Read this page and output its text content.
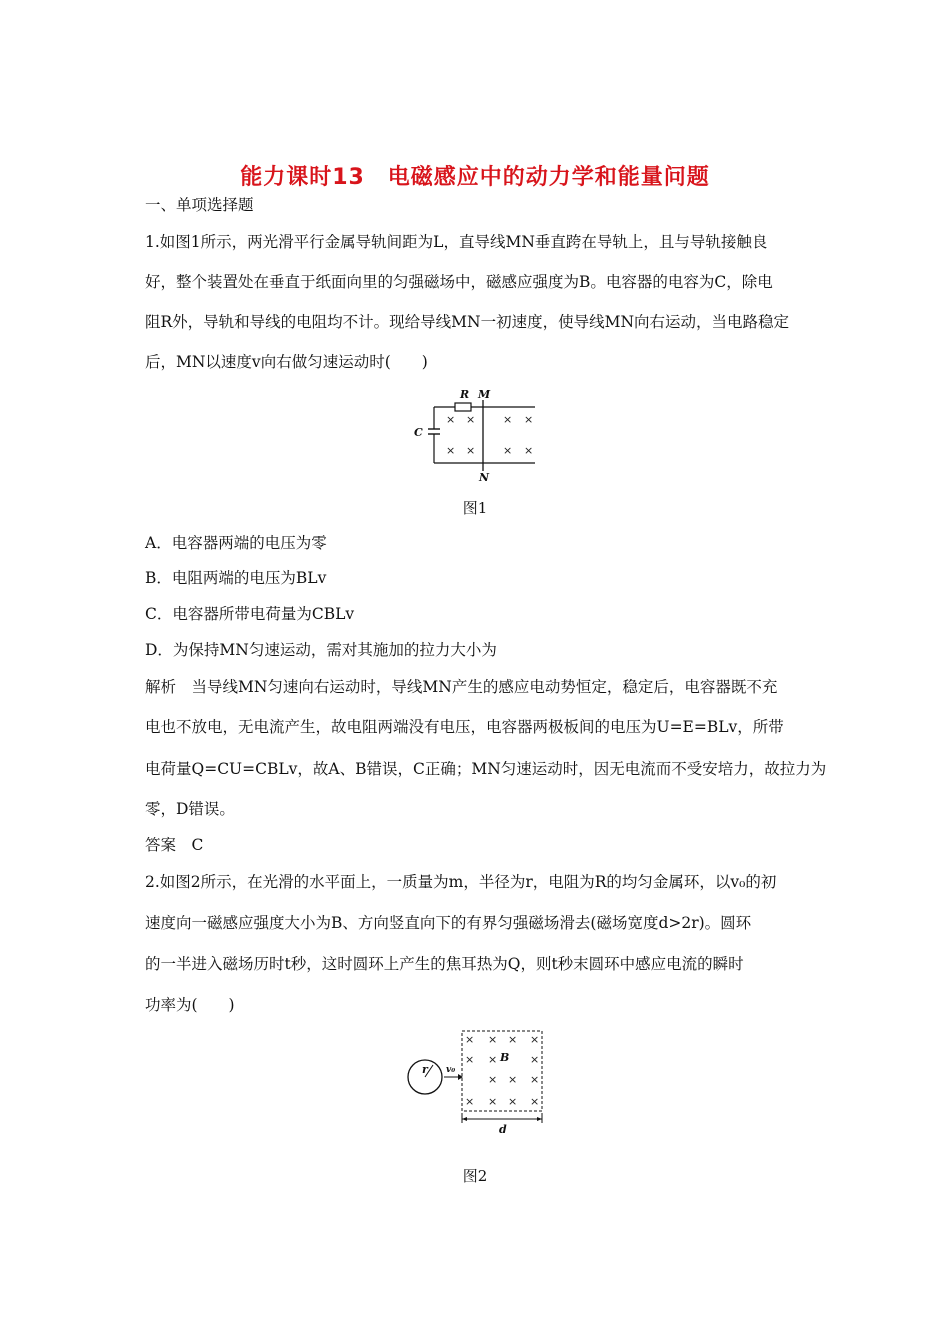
能力课时13　电磁感应中的动力学和能量问题
一、单项选择题
1.如图1所示，两光滑平行金属导轨间距为L，直导线MN垂直跨在导轨上，且与导轨接触良
好，整个装置处在垂直于纸面向里的匀强磁场中，磁感应强度为B。电容器的电容为C，除电
阻R外，导轨和导线的电阻均不计。现给导线MN一初速度，使导线MN向右运动，当电路稳定
后，MN以速度v向右做匀速运动时(　　)
× ×	× ×
× ×	× ×
R M
C
N
图1
A．电容器两端的电压为零
B．电阻两端的电压为BLv
C．电容器所带电荷量为CBLv
D．为保持MN匀速运动，需对其施加的拉力大小为
解析　当导线MN匀速向右运动时，导线MN产生的感应电动势恒定，稳定后，电容器既不充
电也不放电，无电流产生，故电阻两端没有电压，电容器两极板间的电压为U=E=BLv，所带
电荷量Q=CU=CBLv，故A、B错误，C正确；MN匀速运动时，因无电流而不受安培力，故拉力为
零，D错误。
答案　C
2.如图2所示，在光滑的水平面上，一质量为m，半径为r，电阻为R的均匀金属环，以v₀的初
速度向一磁感应强度大小为B、方向竖直向下的有界匀强磁场滑去(磁场宽度d>2r)。圆环
的一半进入磁场历时t秒，这时圆环上产生的焦耳热为Q，则t秒末圆环中感应电流的瞬时
功率为(　　)
× × × ×
× ×	×
× × ×
× × × ×
r v₀
B
d
图2
